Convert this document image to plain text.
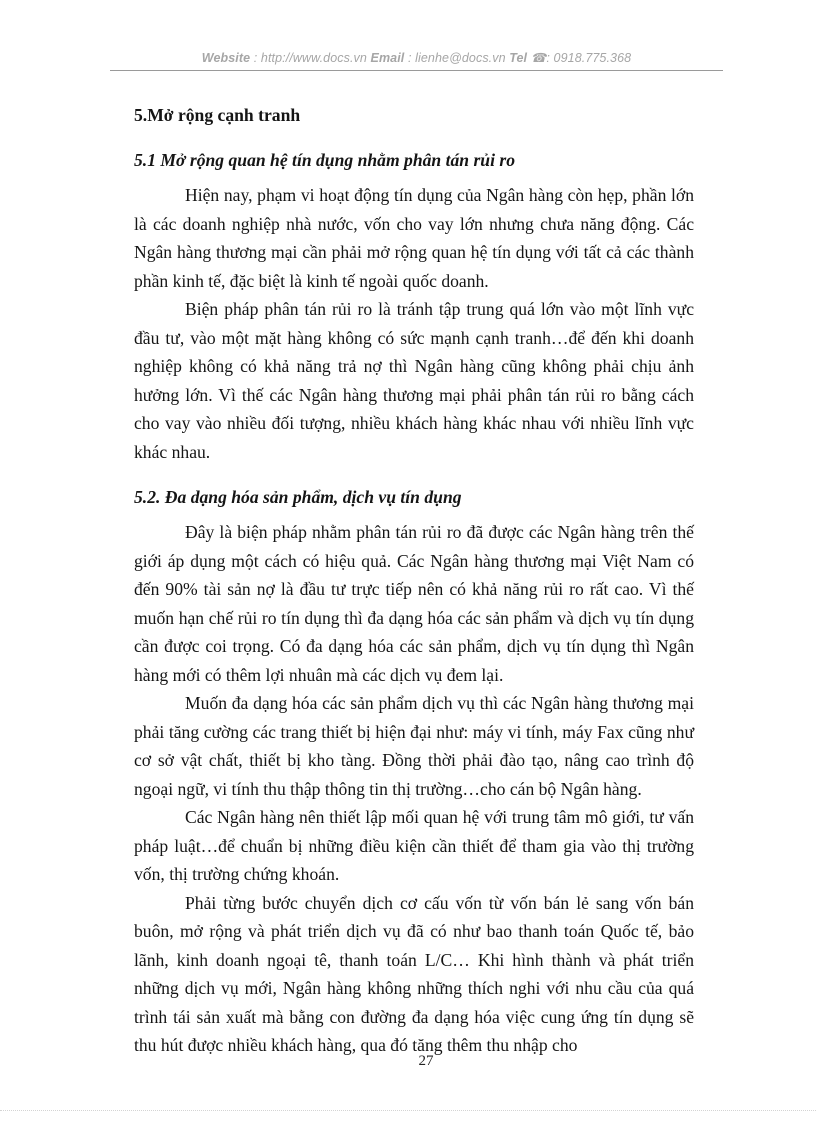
Website : http://www.docs.vn Email : lienhe@docs.vn Tel ☎: 0918.775.368
5.Mở rộng cạnh tranh
5.1 Mở rộng quan hệ tín dụng nhằm phân tán rủi ro

Hiện nay, phạm vi hoạt động tín dụng của Ngân hàng còn hẹp, phần lớn là các doanh nghiệp nhà nước, vốn cho vay lớn nhưng chưa năng động. Các Ngân hàng thương mại cần phải mở rộng quan hệ tín dụng với tất cả các thành phần kinh tế, đặc biệt là kinh tế ngoài quốc doanh.

Biện pháp phân tán rủi ro là tránh tập trung quá lớn vào một lĩnh vực đầu tư, vào một mặt hàng không có sức mạnh cạnh tranh…để đến khi doanh nghiệp không có khả năng trả nợ thì Ngân hàng cũng không phải chịu ảnh hưởng lớn. Vì thế các Ngân hàng thương mại phải phân tán rủi ro bằng cách cho vay vào nhiều đối tượng, nhiều khách hàng khác nhau với nhiều lĩnh vực khác nhau.

5.2. Đa dạng hóa sản phẩm, dịch vụ tín dụng

Đây là biện pháp nhằm phân tán rủi ro đã được các Ngân hàng trên thế giới áp dụng một cách có hiệu quả. Các Ngân hàng thương mại Việt Nam có đến 90% tài sản nợ là đầu tư trực tiếp nên có khả năng rủi ro rất cao. Vì thế muốn hạn chế rủi ro tín dụng thì đa dạng hóa các sản phẩm và dịch vụ tín dụng cần được coi trọng. Có đa dạng hóa các sản phẩm, dịch vụ tín dụng thì Ngân hàng mới có thêm lợi nhuân mà các dịch vụ đem lại.

Muốn đa dạng hóa các sản phẩm dịch vụ thì các Ngân hàng thương mại phải tăng cường các trang thiết bị hiện đại như: máy vi tính, máy Fax cũng như cơ sở vật chất, thiết bị kho tàng. Đồng thời phải đào tạo, nâng cao trình độ ngoại ngữ, vi tính thu thập thông tin thị trường…cho cán bộ Ngân hàng.

Các Ngân hàng nên thiết lập mối quan hệ với trung tâm mô giới, tư vấn pháp luật…để chuẩn bị những điều kiện cần thiết để tham gia vào thị trường vốn, thị trường chứng khoán.

Phải từng bước chuyển dịch cơ cấu vốn từ vốn bán lẻ sang vốn bán buôn, mở rộng và phát triển dịch vụ đã có như bao thanh toán Quốc tế, bảo lãnh, kinh doanh ngoại tê, thanh toán L/C… Khi hình thành và phát triển những dịch vụ mới, Ngân hàng không những thích nghi với nhu cầu của quá trình tái sản xuất mà bằng con đường đa dạng hóa việc cung ứng tín dụng sẽ thu hút được nhiều khách hàng, qua đó tăng thêm thu nhập cho

27
